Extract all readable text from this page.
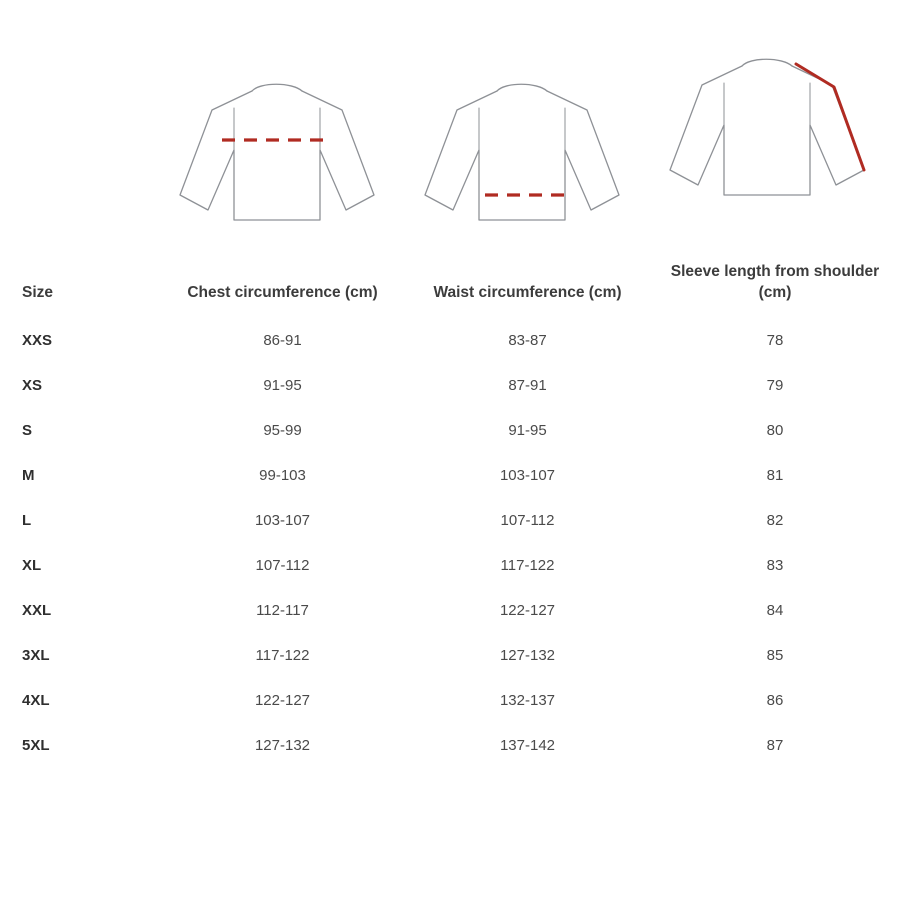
Size	Chest circumference (cm)	Waist circumference (cm)	Sleeve length from shoulder (cm)
XXS	86-91	83-87	78
XS	91-95	87-91	79
S	95-99	91-95	80
M	99-103	103-107	81
L	103-107	107-112	82
XL	107-112	117-122	83
XXL	112-117	122-127	84
3XL	117-122	127-132	85
4XL	122-127	132-137	86
5XL	127-132	137-142	87
